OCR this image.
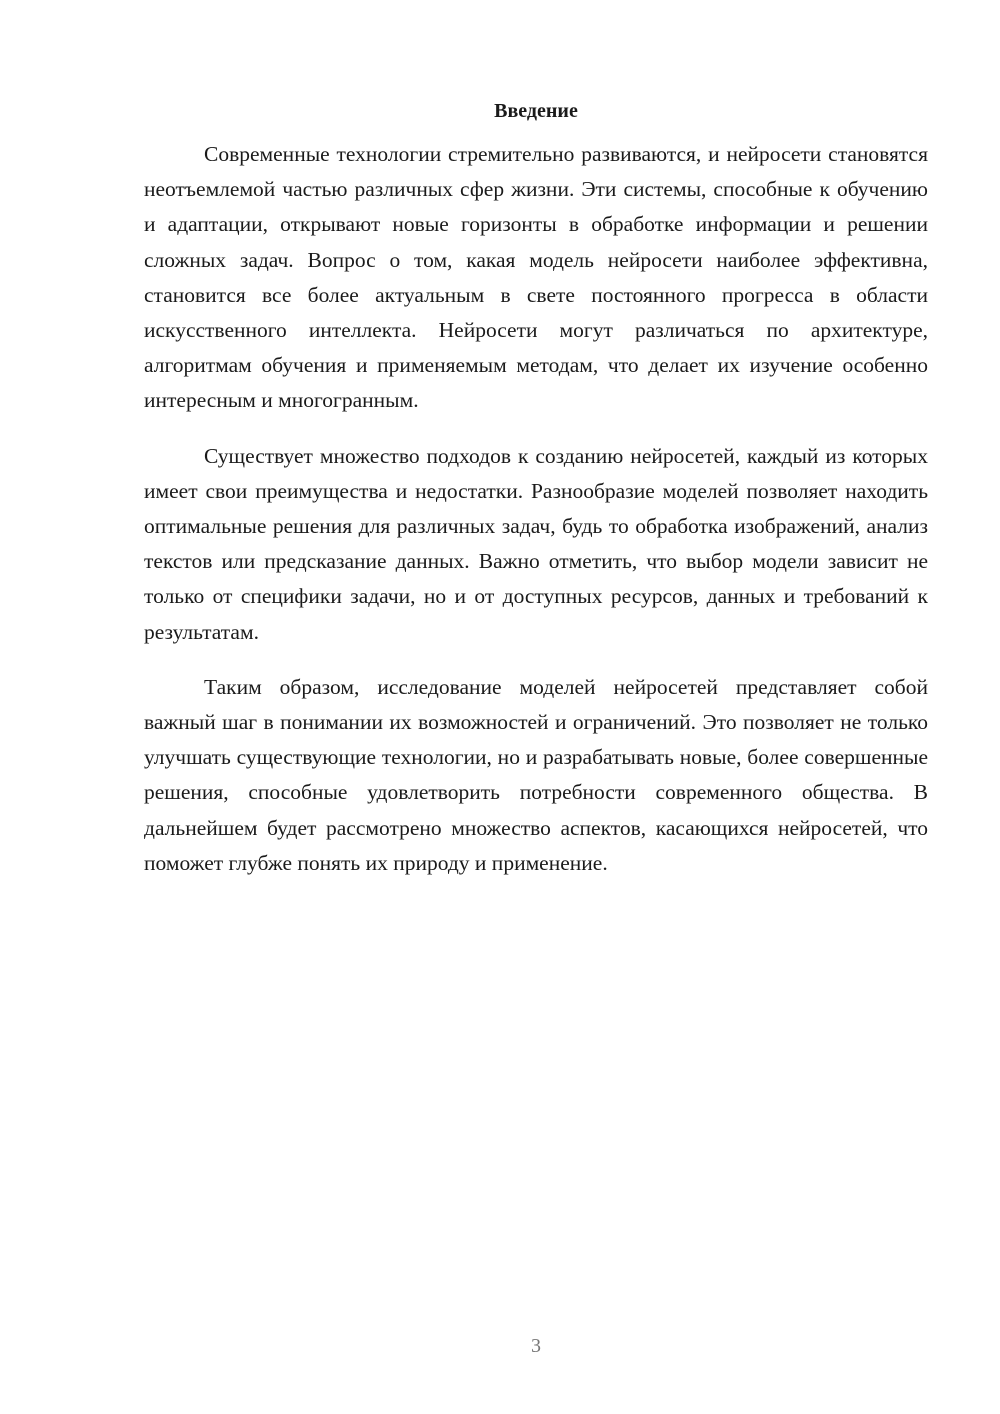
Введение

Современные технологии стремительно развиваются, и нейросети становятся неотъемлемой частью различных сфер жизни. Эти системы, способные к обучению и адаптации, открывают новые горизонты в обработке информации и решении сложных задач. Вопрос о том, какая модель нейросети наиболее эффективна, становится все более актуальным в свете постоянного прогресса в области искусственного интеллекта. Нейросети могут различаться по архитектуре, алгоритмам обучения и применяемым методам, что делает их изучение особенно интересным и многогранным.

Существует множество подходов к созданию нейросетей, каждый из которых имеет свои преимущества и недостатки. Разнообразие моделей позволяет находить оптимальные решения для различных задач, будь то обработка изображений, анализ текстов или предсказание данных. Важно отметить, что выбор модели зависит не только от специфики задачи, но и от доступных ресурсов, данных и требований к результатам.

Таким образом, исследование моделей нейросетей представляет собой важный шаг в понимании их возможностей и ограничений. Это позволяет не только улучшать существующие технологии, но и разрабатывать новые, более совершенные решения, способные удовлетворить потребности современного общества. В дальнейшем будет рассмотрено множество аспектов, касающихся нейросетей, что поможет глубже понять их природу и применение.

3
